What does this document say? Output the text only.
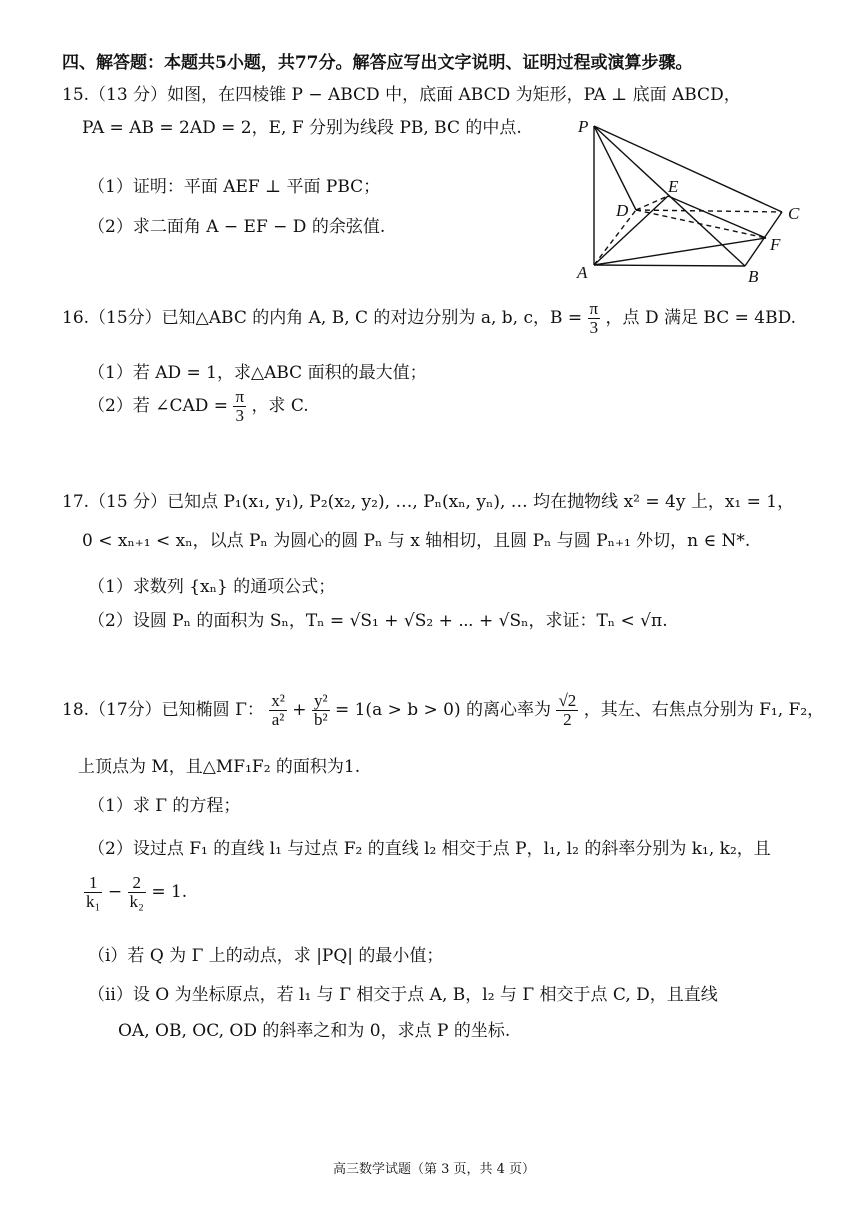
四、解答题：本题共5小题，共77分。解答应写出文字说明、证明过程或演算步骤。
15.（13 分）如图，在四棱锥 P − ABCD 中，底面 ABCD 为矩形，PA ⊥ 底面 ABCD，
PA = AB = 2AD = 2，E, F 分别为线段 PB, BC 的中点.
（1）证明：平面 AEF ⊥ 平面 PBC；
（2）求二面角 A − EF − D 的余弦值.
P
A	B
C
D
E
F
16.（15分）已知△ABC 的内角 A, B, C 的对边分别为 a, b, c，$B = \frac{\pi}{3}$ ，点 D 满足 BC = 4BD.
（1）若 AD = 1，求△ABC 面积的最大值；
（2）若 ∠CAD = $\frac{\pi}{3}$ ，求 C.
17.（15 分）已知点 P₁(x₁, y₁), P₂(x₂, y₂), …, Pₙ(xₙ, yₙ), … 均在抛物线 x² = 4y 上，x₁ = 1，
0 < xₙ₊₁ < xₙ，以点 Pₙ 为圆心的圆 Pₙ 与 x 轴相切，且圆 Pₙ 与圆 Pₙ₊₁ 外切，n ∈ N*.
（1）求数列 {xₙ} 的通项公式；
（2）设圆 Pₙ 的面积为 Sₙ，Tₙ = √S₁ + √S₂ + ⋯ + √Sₙ，求证：Tₙ < √π.
18.（17分）已知椭圆 Γ： $\frac{\text{x²}}{\text{a²}} + \frac{\text{y²}}{\text{b²}} = 1(a > b > 0)$ 的离心率为 $\frac{√2}{2}$ ，其左、右焦点分别为 F₁, F₂，
上顶点为 M，且△MF₁F₂ 的面积为1.
（1）求 Γ 的方程；
（2）设过点 F₁ 的直线 l₁ 与过点 F₂ 的直线 l₂ 相交于点 P，l₁, l₂ 的斜率分别为 k₁, k₂，且
$\frac{1}{\text{k₁}} - \frac{2}{\text{k₂}} = 1$.
（i）若 Q 为 Γ 上的动点，求 |PQ| 的最小值；
（ii）设 O 为坐标原点，若 l₁ 与 Γ 相交于点 A, B，l₂ 与 Γ 相交于点 C, D，且直线
OA, OB, OC, OD 的斜率之和为 0，求点 P 的坐标.
高三数学试题（第 3 页，共 4 页）
